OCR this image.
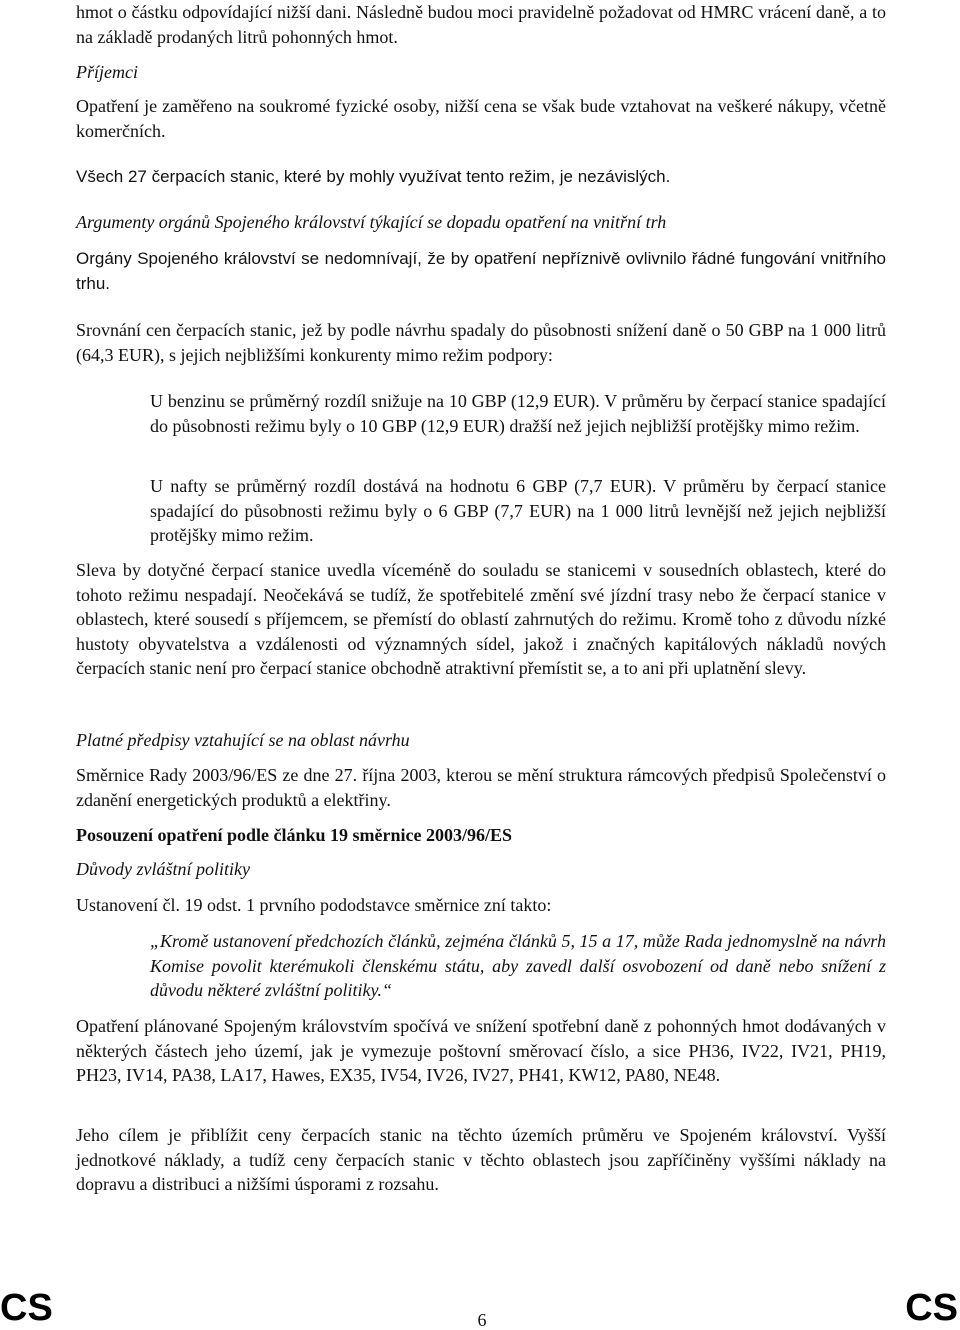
hmot o částku odpovídající nižší dani. Následně budou moci pravidelně požadovat od HMRC vrácení daně, a to na základě prodaných litrů pohonných hmot.

Příjemci

Opatření je zaměřeno na soukromé fyzické osoby, nižší cena se však bude vztahovat na veškeré nákupy, včetně komerčních.

Všech 27 čerpacích stanic, které by mohly využívat tento režim, je nezávislých.

Argumenty orgánů Spojeného království týkající se dopadu opatření na vnitřní trh

Orgány Spojeného království se nedomnívají, že by opatření nepříznivě ovlivnilo řádné fungování vnitřního trhu.

Srovnání cen čerpacích stanic, jež by podle návrhu spadaly do působnosti snížení daně o 50 GBP na 1 000 litrů (64,3 EUR), s jejich nejbližšími konkurenty mimo režim podpory:

U benzinu se průměrný rozdíl snižuje na 10 GBP (12,9 EUR). V průměru by čerpací stanice spadající do působnosti režimu byly o 10 GBP (12,9 EUR) dražší než jejich nejbližší protějšky mimo režim.

U nafty se průměrný rozdíl dostává na hodnotu 6 GBP (7,7 EUR). V průměru by čerpací stanice spadající do působnosti režimu byly o 6 GBP (7,7 EUR) na 1 000 litrů levnější než jejich nejbližší protějšky mimo režim.

Sleva by dotyčné čerpací stanice uvedla víceméně do souladu se stanicemi v sousedních oblastech, které do tohoto režimu nespadají. Neočekává se tudíž, že spotřebitelé změní své jízdní trasy nebo že čerpací stanice v oblastech, které sousedí s příjemcem, se přemístí do oblastí zahrnutých do režimu. Kromě toho z důvodu nízké hustoty obyvatelstva a vzdálenosti od významných sídel, jakož i značných kapitálových nákladů nových čerpacích stanic není pro čerpací stanice obchodně atraktivní přemístit se, a to ani při uplatnění slevy.

Platné předpisy vztahující se na oblast návrhu

Směrnice Rady 2003/96/ES ze dne 27. října 2003, kterou se mění struktura rámcových předpisů Společenství o zdanění energetických produktů a elektřiny.

Posouzení opatření podle článku 19 směrnice 2003/96/ES

Důvody zvláštní politiky

Ustanovení čl. 19 odst. 1 prvního pododstavce směrnice zní takto:

„Kromě ustanovení předchozích článků, zejména článků 5, 15 a 17, může Rada jednomyslně na návrh Komise povolit kterémukoli členskému státu, aby zavedl další osvobození od daně nebo snížení z důvodu některé zvláštní politiky.“

Opatření plánované Spojeným královstvím spočívá ve snížení spotřební daně z pohonných hmot dodávaných v některých částech jeho území, jak je vymezuje poštovní směrovací číslo, a sice PH36, IV22, IV21, PH19, PH23, IV14, PA38, LA17, Hawes, EX35, IV54, IV26, IV27, PH41, KW12, PA80, NE48.

Jeho cílem je přiblížit ceny čerpacích stanic na těchto územích průměru ve Spojeném království. Vyšší jednotkové náklady, a tudíž ceny čerpacích stanic v těchto oblastech jsou zapříčiněny vyššími náklady na dopravu a distribuci a nižšími úsporami z rozsahu.

CS	6	CS
